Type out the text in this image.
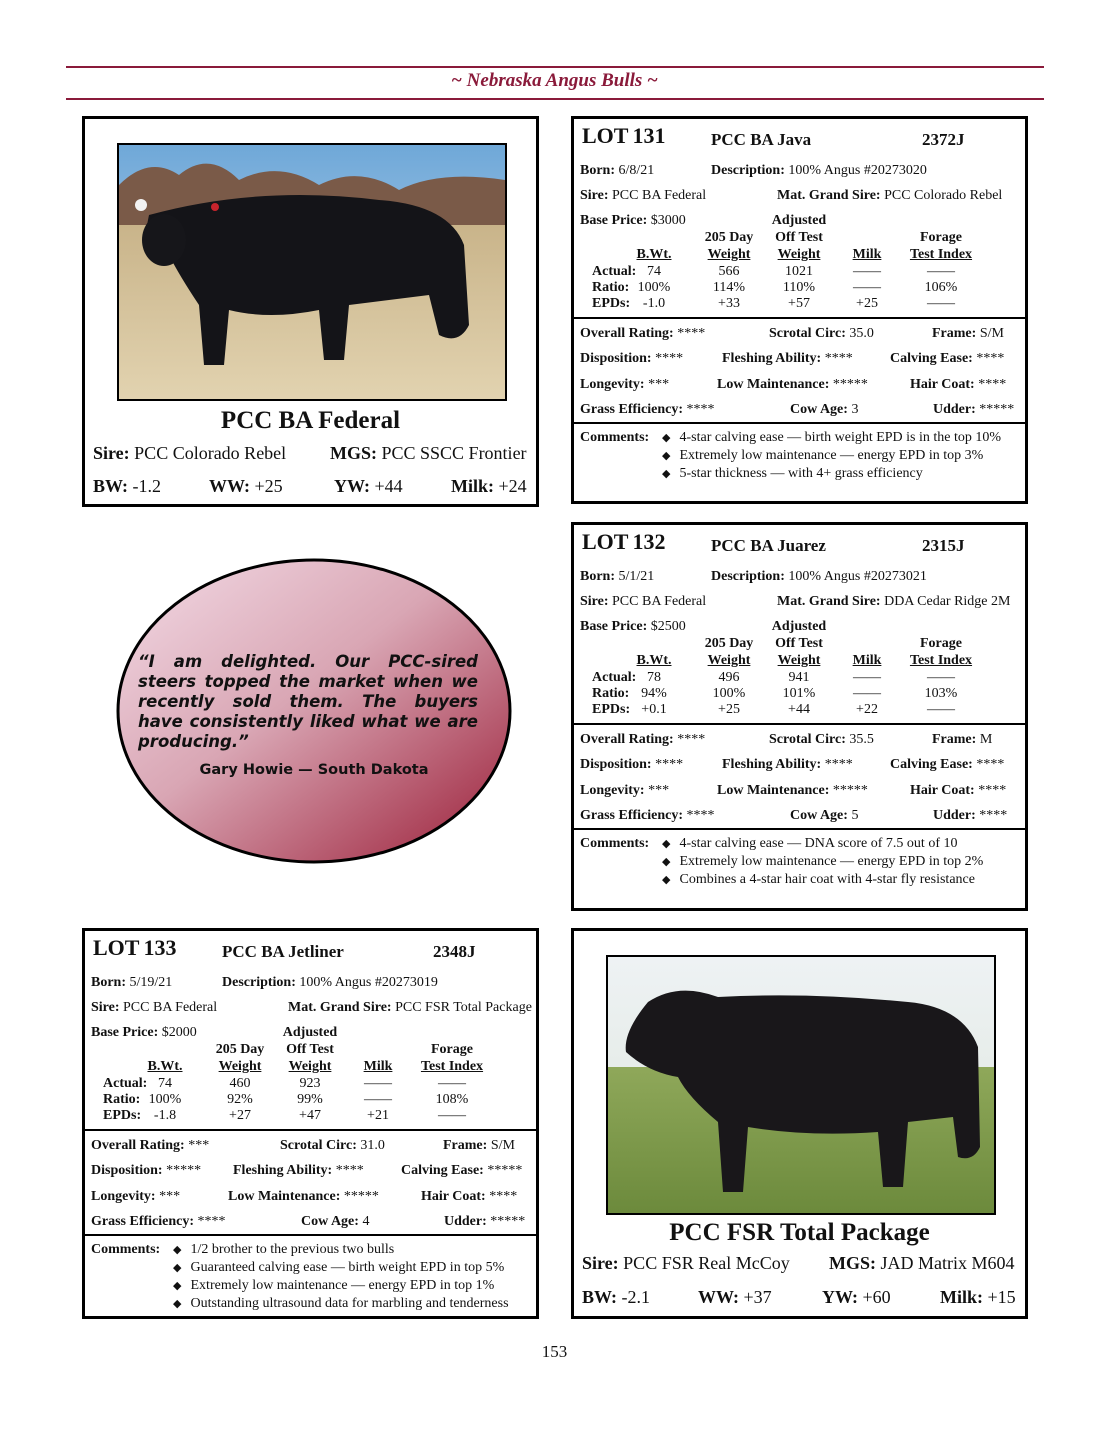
~ Nebraska Angus Bulls ~
PCC BA Federal
Sire: PCC Colorado Rebel MGS: PCC SSCC Frontier
BW: -1.2	WW: +25	YW: +44	Milk: +24
LOT 131	PCC BA Java	2372J
Born: 6/8/21	Description: 100% Angus #20273020
Sire: PCC BA Federal	Mat. Grand Sire: PCC Colorado Rebel
Base Price: $3000	Adjusted
205 Day	Off Test	Forage
B.Wt.	Weight	Weight	Milk	Test Index
Actual: 74	566	1021	——	——
Ratio: 100%	114%	110%	——	106%
EPDs: -1.0	+33	+57	+25	——
Overall Rating: ****	Scrotal Circ: 35.0	Frame: S/M
Disposition: ****	Fleshing Ability: ****	Calving Ease: ****
Longevity: ***	Low Maintenance: *****	Hair Coat: ****
Grass Efficiency: ****	Cow Age: 3	Udder: *****
Comments: ◆ 4-star calving ease — birth weight EPD is in the top 10%
◆ Extremely low maintenance — energy EPD in top 3%
◆ 5-star thickness — with 4+ grass efficiency
LOT 132	PCC BA Juarez	2315J
Born: 5/1/21	Description: 100% Angus #20273021
Sire: PCC BA Federal	Mat. Grand Sire: DDA Cedar Ridge 2M
Base Price: $2500	Adjusted
205 Day	Off Test	Forage
B.Wt.	Weight	Weight	Milk	Test Index
Actual: 78	496	941	——	——
Ratio: 94%	100%	101%	——	103%
EPDs: +0.1	+25	+44	+22	——
Overall Rating: ****	Scrotal Circ: 35.5	Frame: M
Disposition: ****	Fleshing Ability: ****	Calving Ease: ****
Longevity: ***	Low Maintenance: *****	Hair Coat: ****
Grass Efficiency: ****	Cow Age: 5	Udder: ****
Comments: ◆ 4-star calving ease — DNA score of 7.5 out of 10
◆ Extremely low maintenance — energy EPD in top 2%
◆ Combines a 4-star hair coat with 4-star fly resistance
LOT 133	PCC BA Jetliner	2348J
Born: 5/19/21	Description: 100% Angus #20273019
Sire: PCC BA Federal	Mat. Grand Sire: PCC FSR Total Package
Base Price: $2000	Adjusted
205 Day	Off Test	Forage
B.Wt.	Weight	Weight	Milk	Test Index
Actual: 74	460	923	——	——
Ratio: 100%	92%	99%	——	108%
EPDs: -1.8	+27	+47	+21	——
Overall Rating: ***	Scrotal Circ: 31.0	Frame: S/M
Disposition: ***** Fleshing Ability: ****	Calving Ease: *****
Longevity: ***	Low Maintenance: *****	Hair Coat: ****
Grass Efficiency: ****	Cow Age: 4	Udder: *****
Comments: ◆ 1/2 brother to the previous two bulls
◆ Guaranteed calving ease — birth weight EPD in top 5%
◆ Extremely low maintenance — energy EPD in top 1%
◆ Outstanding ultrasound data for marbling and tenderness
“I am delighted. Our PCC-sired steers topped the market when we recently sold them. The buyers have consistently liked what we are producing.”
Gary Howie — South Dakota
PCC FSR Total Package
Sire: PCC FSR Real McCoy MGS: JAD Matrix M604
BW: -2.1	WW: +37	YW: +60	Milk: +15
153
